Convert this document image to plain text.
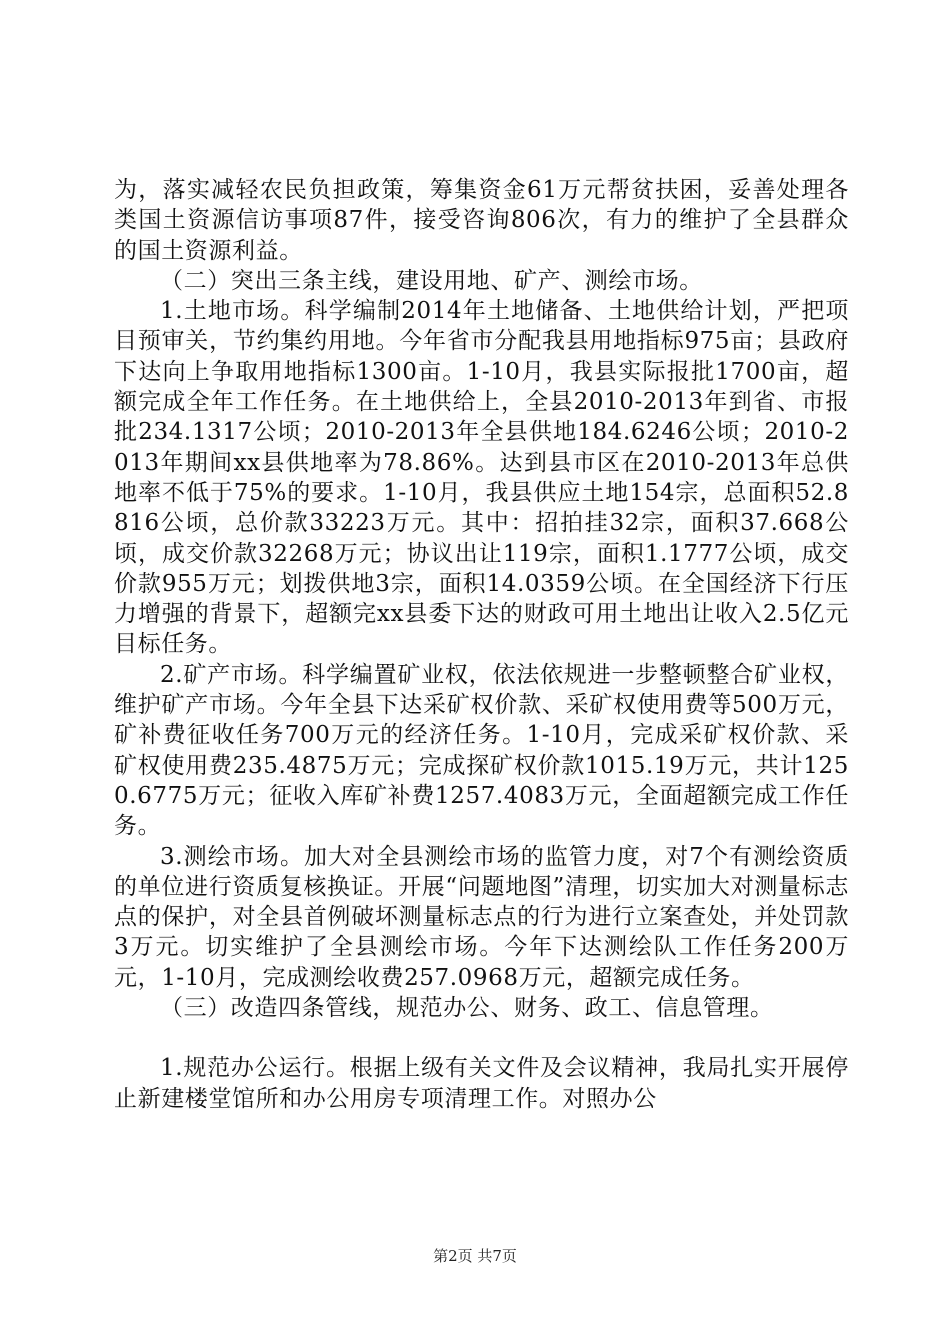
为，落实减轻农民负担政策，筹集资金61万元帮贫扶困，妥善处理各类国土资源信访事项87件，接受咨询806次，有力的维护了全县群众的国土资源利益。

（二）突出三条主线，建设用地、矿产、测绘市场。

1.土地市场。科学编制2014年土地储备、土地供给计划，严把项目预审关，节约集约用地。今年省市分配我县用地指标975亩；县政府下达向上争取用地指标1300亩。1-10月，我县实际报批1700亩，超额完成全年工作任务。在土地供给上，全县2010-2013年到省、市报批234.1317公顷；2010-2013年全县供地184.6246公顷；2010-2013年期间xx县供地率为78.86%。达到县市区在2010-2013年总供地率不低于75%的要求。1-10月，我县供应土地154宗，总面积52.8816公顷，总价款33223万元。其中：招拍挂32宗，面积37.668公顷，成交价款32268万元；协议出让119宗，面积1.1777公顷，成交价款955万元；划拨供地3宗，面积14.0359公顷。在全国经济下行压力增强的背景下，超额完xx县委下达的财政可用土地出让收入2.5亿元目标任务。

2.矿产市场。科学编置矿业权，依法依规进一步整顿整合矿业权，维护矿产市场。今年全县下达采矿权价款、采矿权使用费等500万元，矿补费征收任务700万元的经济任务。1-10月，完成采矿权价款、采矿权使用费235.4875万元；完成探矿权价款1015.19万元，共计1250.6775万元；征收入库矿补费1257.4083万元，全面超额完成工作任务。

3.测绘市场。加大对全县测绘市场的监管力度，对7个有测绘资质的单位进行资质复核换证。开展“问题地图”清理，切实加大对测量标志点的保护，对全县首例破坏测量标志点的行为进行立案查处，并处罚款3万元。切实维护了全县测绘市场。今年下达测绘队工作任务200万元，1-10月，完成测绘收费257.0968万元，超额完成任务。

（三）改造四条管线，规范办公、财务、政工、信息管理。

1.规范办公运行。根据上级有关文件及会议精神，我局扎实开展停止新建楼堂馆所和办公用房专项清理工作。对照办公

第2页 共7页
